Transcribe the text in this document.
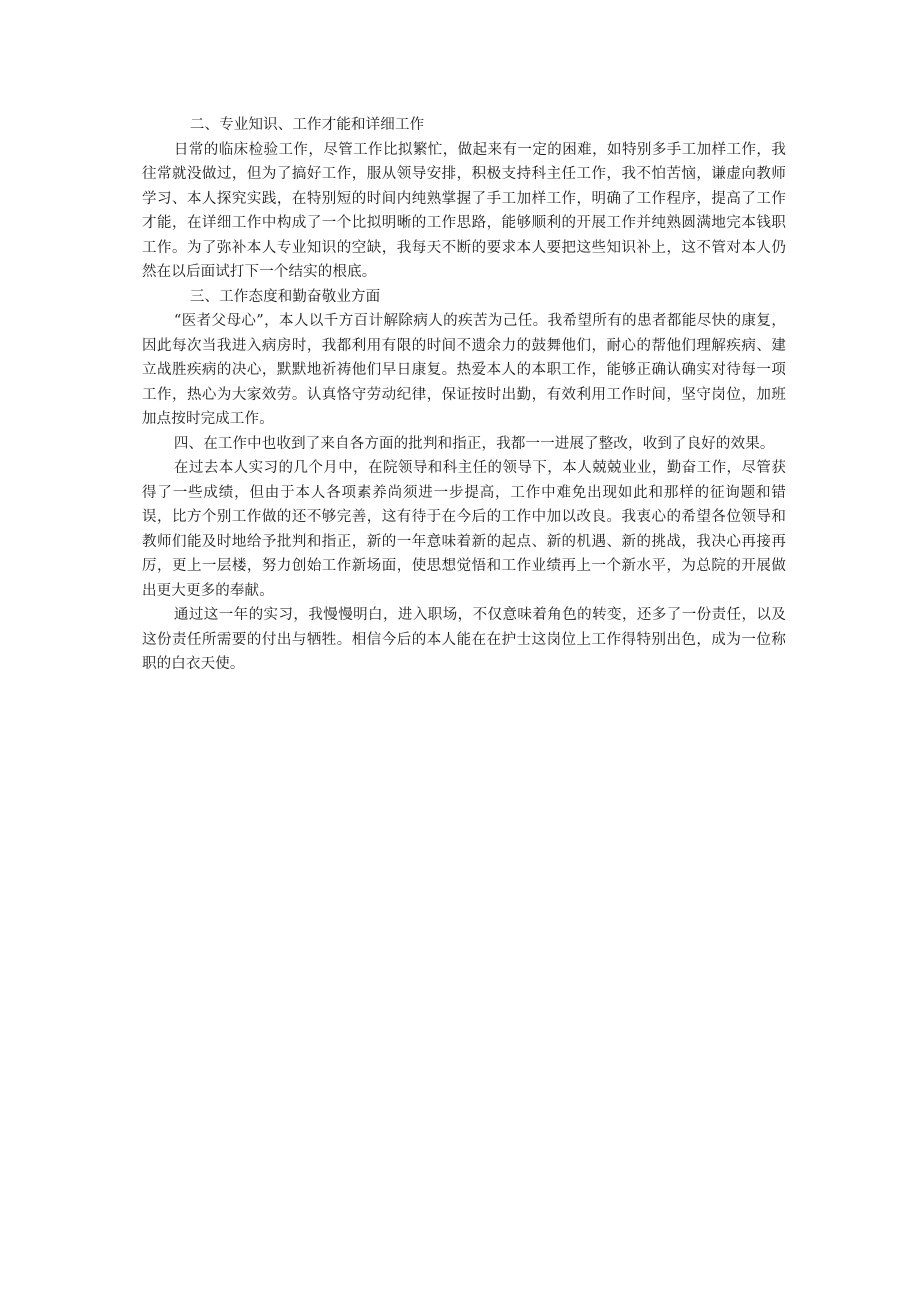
二、专业知识、工作才能和详细工作

日常的临床检验工作，尽管工作比拟繁忙，做起来有一定的困难，如特别多手工加样工作，我往常就没做过，但为了搞好工作，服从领导安排，积极支持科主任工作，我不怕苦恼，谦虚向教师学习、本人探究实践，在特别短的时间内纯熟掌握了手工加样工作，明确了工作程序，提高了工作才能，在详细工作中构成了一个比拟明晰的工作思路，能够顺利的开展工作并纯熟圆满地完本钱职工作。为了弥补本人专业知识的空缺，我每天不断的要求本人要把这些知识补上，这不管对本人仍然在以后面试打下一个结实的根底。

三、工作态度和勤奋敬业方面

“医者父母心”，本人以千方百计解除病人的疾苦为己任。我希望所有的患者都能尽快的康复，因此每次当我进入病房时，我都利用有限的时间不遗余力的鼓舞他们，耐心的帮他们理解疾病、建立战胜疾病的决心，默默地祈祷他们早日康复。热爱本人的本职工作，能够正确认确实对待每一项工作，热心为大家效劳。认真恪守劳动纪律，保证按时出勤，有效利用工作时间，坚守岗位，加班加点按时完成工作。

四、在工作中也收到了来自各方面的批判和指正，我都一一进展了整改，收到了良好的效果。

在过去本人实习的几个月中，在院领导和科主任的领导下，本人兢兢业业，勤奋工作，尽管获得了一些成绩，但由于本人各项素养尚须进一步提高，工作中难免出现如此和那样的征询题和错误，比方个别工作做的还不够完善，这有待于在今后的工作中加以改良。我衷心的希望各位领导和教师们能及时地给予批判和指正，新的一年意味着新的起点、新的机遇、新的挑战，我决心再接再厉，更上一层楼，努力创始工作新场面，使思想觉悟和工作业绩再上一个新水平，为总院的开展做出更大更多的奉献。

通过这一年的实习，我慢慢明白，进入职场，不仅意味着角色的转变，还多了一份责任，以及这份责任所需要的付出与牺牲。相信今后的本人能在在护士这岗位上工作得特别出色，成为一位称职的白衣天使。
